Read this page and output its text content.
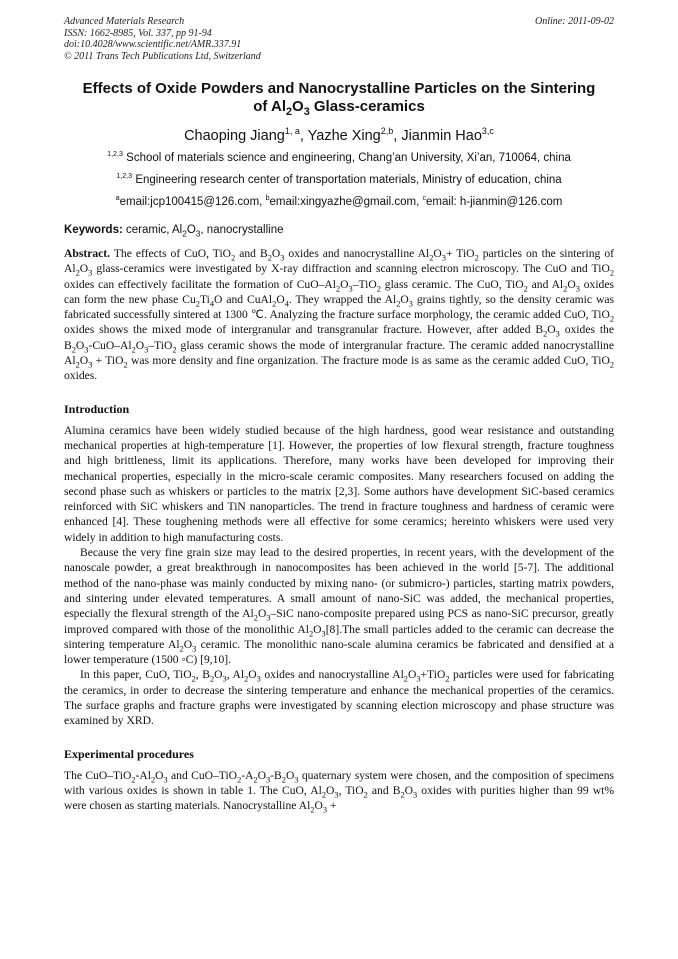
Advanced Materials Research
ISSN: 1662-8985, Vol. 337, pp 91-94
doi:10.4028/www.scientific.net/AMR.337.91
© 2011 Trans Tech Publications Ltd, Switzerland
Online: 2011-09-02
Effects of Oxide Powders and Nanocrystalline Particles on the Sintering
of $Al_2O_3$ Glass-ceramics
Chaoping Jiang$^{1, a}$, Yazhe Xing$^{2,b}$, Jianmin Hao$^{3,c}$
$^{1,2,3}$ School of materials science and engineering, Chang’an University, Xi’an, 710064, china
$^{1,2,3}$ Engineering research center of transportation materials, Ministry of education, china
$^a$email:jcp100415@126.com, $^b$email:xingyazhe@gmail.com, $^c$email: h-jianmin@126.com
Keywords: ceramic, $Al_2O_3$, nanocrystalline

Abstract. The effects of CuO, TiO$_2$ and $B_2O_3$ oxides and nanocrystalline $Al_2O_3+ TiO_2$ particles on the sintering of $Al_2O_3$ glass-ceramics were investigated by X-ray diffraction and scanning electron microscopy. The CuO and TiO$_2$ oxides can effectively facilitate the formation of CuO–$Al_2O_3-TiO_2$ glass ceramic. The CuO, TiO$_2$ and $Al_2O_3$ oxides can form the new phase $Cu_2Ti_4O$ and $CuAl_2O_4$. They wrapped the $Al_2O_3$ grains tightly, so the density ceramic was fabricated successfully sintered at 1300 ℃. Analyzing the fracture surface morphology, the ceramic added CuO, TiO$_2$ oxides shows the mixed mode of intergranular and transgranular fracture. However, after added $B_2O_3$ oxides the $B_2O_3-CuO-Al_2O_3-TiO_2$ glass ceramic shows the mode of intergranular fracture. The ceramic added nanocrystalline $Al_2O_3 + TiO_2$ was more density and fine organization. The fracture mode is as same as the ceramic added CuO, TiO$_2$ oxides.

Introduction

Alumina ceramics have been widely studied because of the high hardness, good wear resistance and outstanding mechanical properties at high-temperature [1]. However, the properties of low flexural strength, fracture toughness and high brittleness, limit its applications. Therefore, many works have been developed for improving their mechanical properties, especially in the micro-scale ceramic composites. Many researchers focused on adding the second phase such as whiskers or particles to the matrix [2,3]. Some authors have development SiC-based ceramics reinforced with SiC whiskers and TiN nanoparticles. The trend in fracture toughness and hardness of ceramic were enhanced [4]. These toughening methods were all effective for some ceramics; hereinto whiskers were used very widely in addition to high manufacturing costs.

Because the very fine grain size may lead to the desired properties, in recent years, with the development of the nanoscale powder, a great breakthrough in nanocomposites has been achieved in the world [5-7]. The additional method of the nano-phase was mainly conducted by mixing nano- (or submicro-) particles, starting matrix powders, and sintering under elevated temperatures. A small amount of nano-SiC was added, the mechanical properties, especially the flexural strength of the $Al_2O_3$–SiC nano-composite prepared using PCS as nano-SiC precursor, greatly improved compared with those of the monolithic $Al_2O_3[8].The$ small particles added to the ceramic can decrease the sintering temperature $Al_2O_3$ ceramic. The monolithic nano-scale alumina ceramics be fabricated and densified at a lower temperature (1500 ◦C) [9,10].

In this paper, CuO, TiO$_2$, $B_2O_3$, $Al_2O_3$ oxides and nanocrystalline $Al_2O_3+TiO_2$ particles were used for fabricating the ceramics, in order to decrease the sintering temperature and enhance the mechanical properties of the ceramics. The surface graphs and fracture graphs were investigated by scanning election microscopy and phase structure was examined by XRD.

Experimental procedures

The CuO–$TiO_2-Al_2O_3$ and CuO–$TiO_2-A_2O_3-B_2O_3$ quaternary system were chosen, and the composition of specimens with various oxides is shown in table 1. The CuO, $Al_2O_3$, TiO$_2$ and $B_2O_3$ oxides with purities higher than 99 wt% were chosen as starting materials. Nanocrystalline $Al_2O_3$ +
